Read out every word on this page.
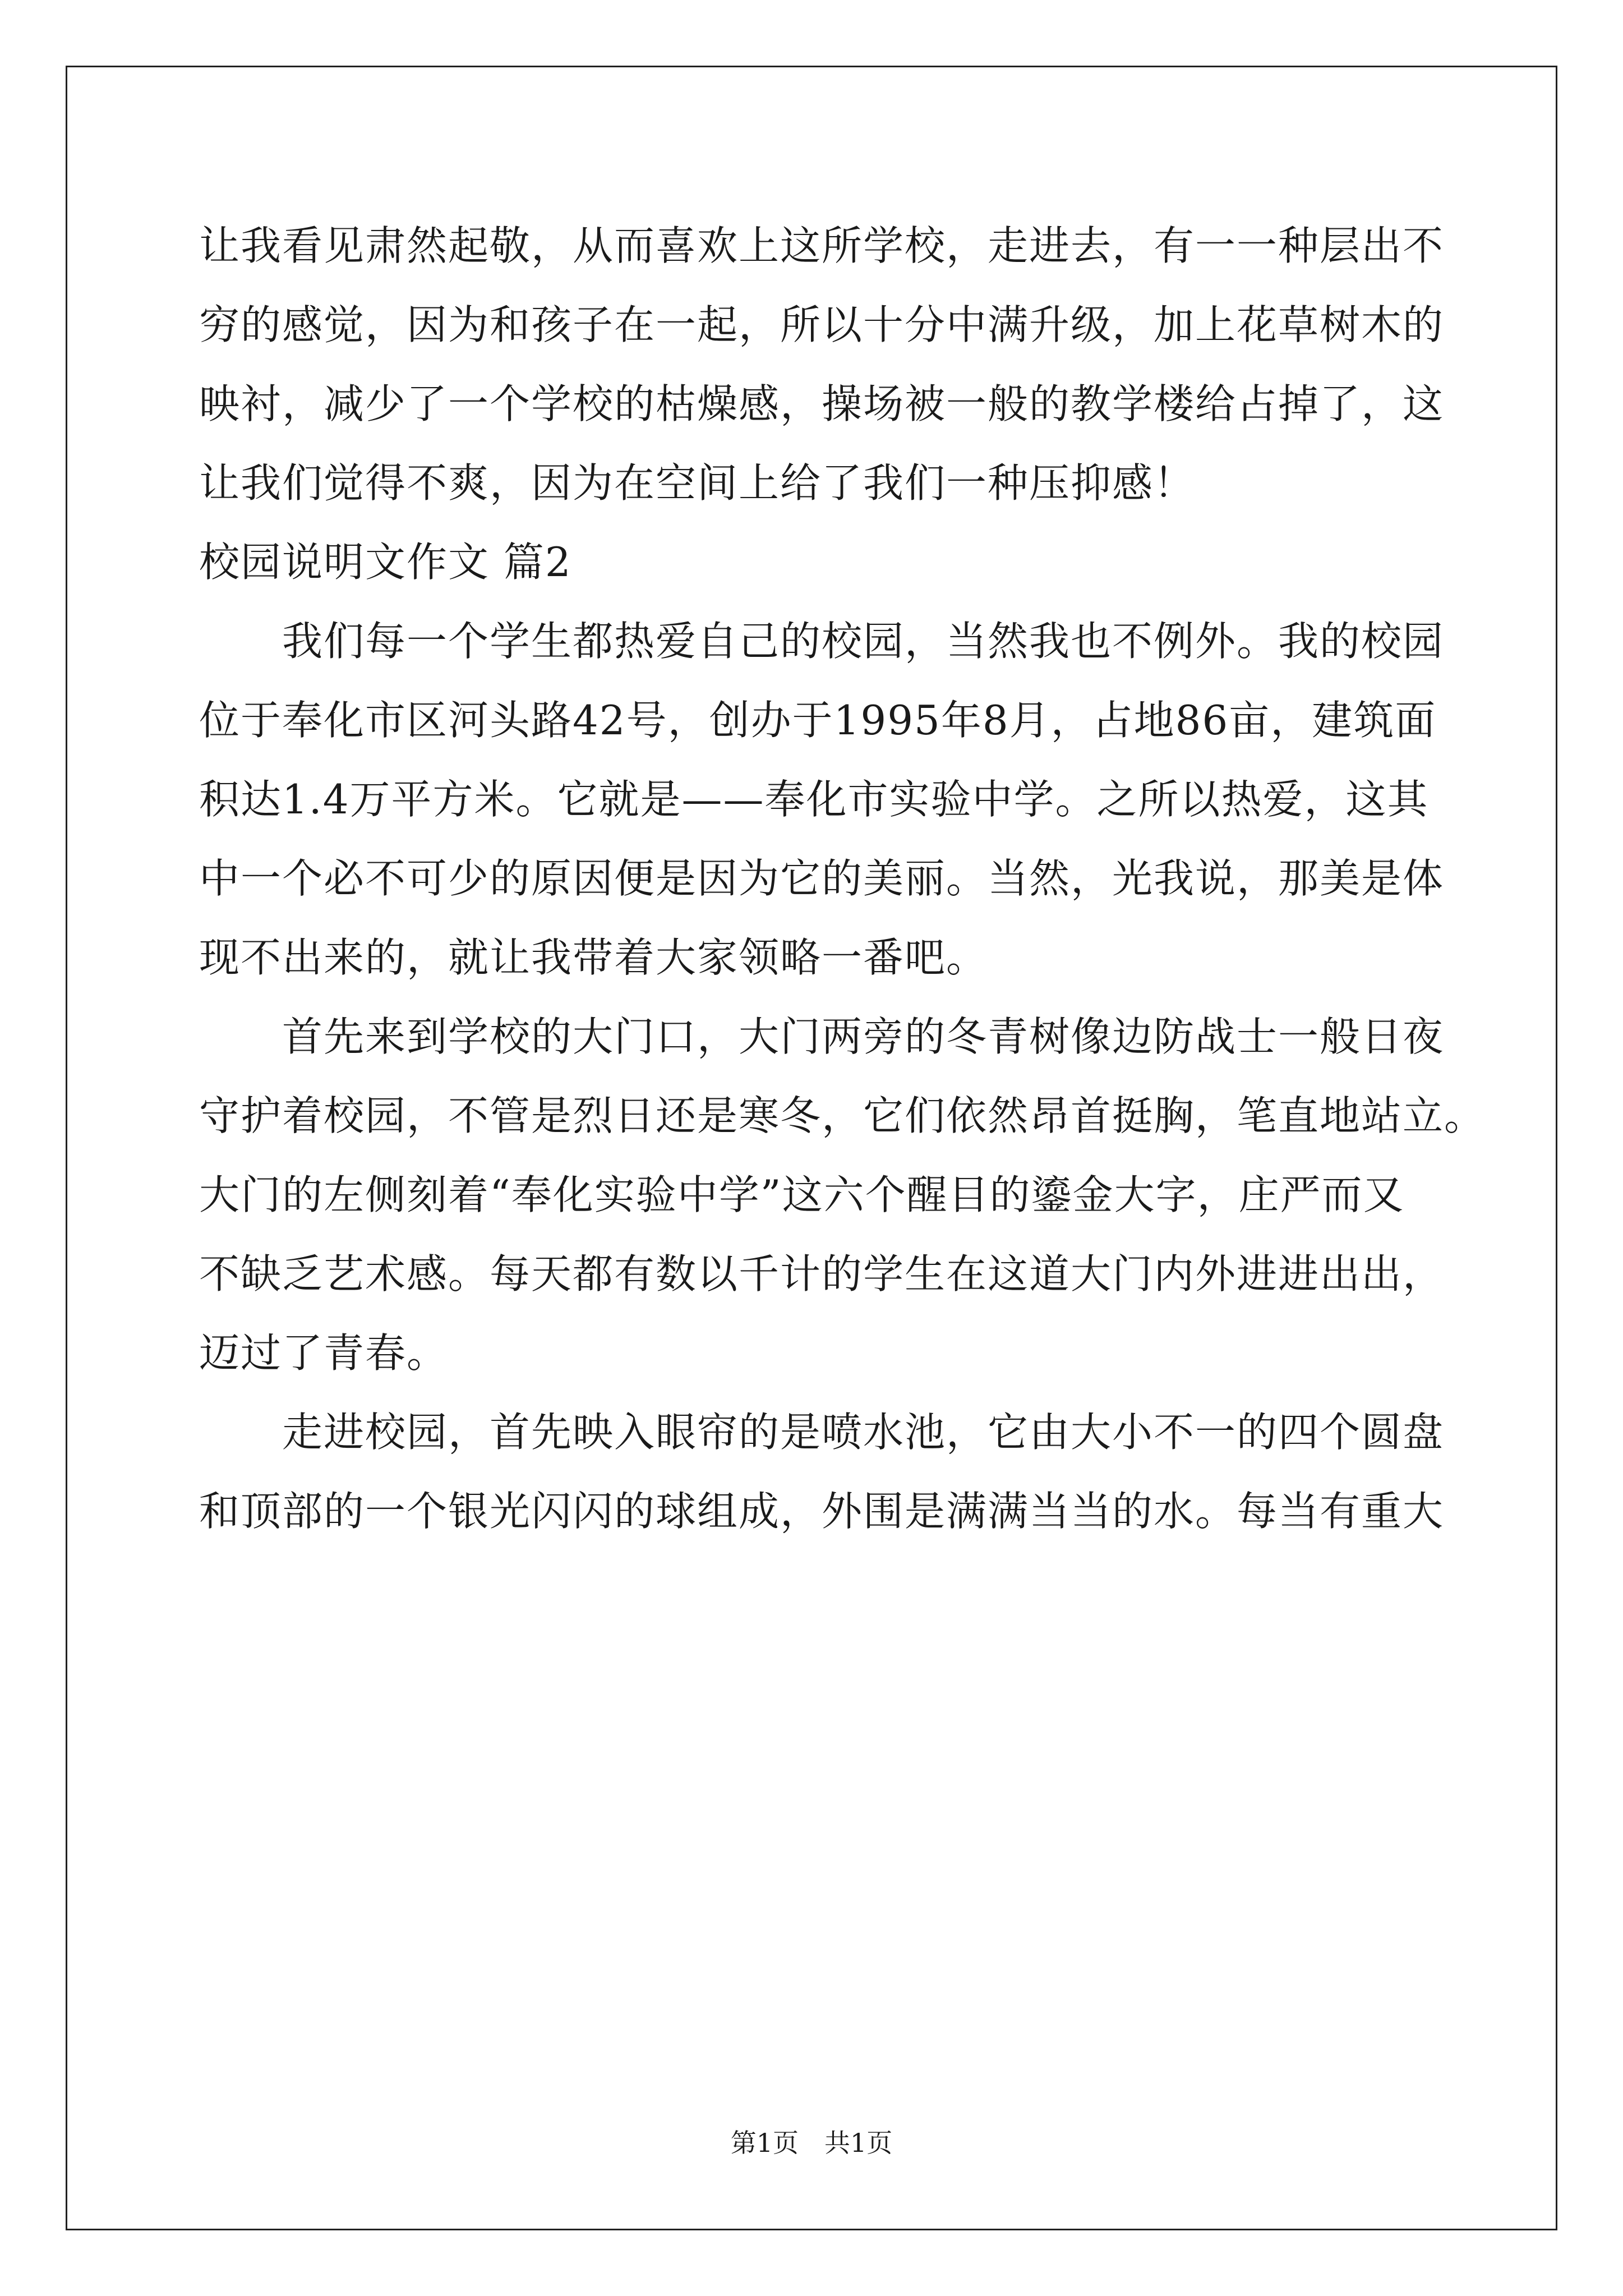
让我看见肃然起敬，从而喜欢上这所学校，走进去，有一一种层出不
穷的感觉，因为和孩子在一起，所以十分中满升级，加上花草树木的
映衬，减少了一个学校的枯燥感，操场被一般的教学楼给占掉了，这
让我们觉得不爽，因为在空间上给了我们一种压抑感！
校园说明文作文 篇2
　　我们每一个学生都热爱自己的校园，当然我也不例外。我的校园
位于奉化市区河头路42号，创办于1995年8月，占地86亩，建筑面
积达1.4万平方米。它就是——奉化市实验中学。之所以热爱，这其
中一个必不可少的原因便是因为它的美丽。当然，光我说，那美是体
现不出来的，就让我带着大家领略一番吧。
　　首先来到学校的大门口，大门两旁的冬青树像边防战士一般日夜
守护着校园，不管是烈日还是寒冬，它们依然昂首挺胸，笔直地站立。
大门的左侧刻着“奉化实验中学”这六个醒目的鎏金大字，庄严而又
不缺乏艺术感。每天都有数以千计的学生在这道大门内外进进出出，
迈过了青春。
　　走进校园，首先映入眼帘的是喷水池，它由大小不一的四个圆盘
和顶部的一个银光闪闪的球组成，外围是满满当当的水。每当有重大
第1页　共1页
